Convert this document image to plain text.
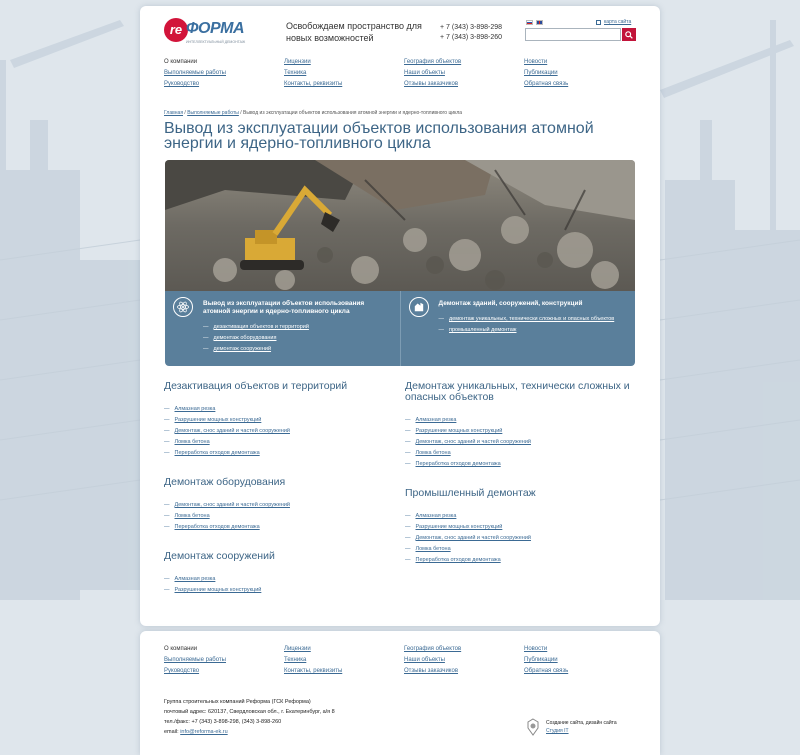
re ФОРМА
ИНТЕЛЛЕКТУАЛЬНЫЙ ДЕМОНТАЖ
Освобождаем пространство для новых возможностей
+ 7 (343) 3-898-298
+ 7 (343) 3-898-260
карта сайта
О компании
Выполняемые работы
Руководство
Лицензии
Техника
Контакты, реквизиты
География объектов
Наши объекты
Отзывы заказчиков
Новости
Публикации
Обратная связь
Главная / Выполняемые работы / Вывод из эксплуатации объектов использования атомной энергии и ядерно-топливного цикла
Вывод из эксплуатации объектов использования атомной энергии и ядерно-топливного цикла
Вывод из эксплуатации объектов использования атомной энергии и ядерно-топливного цикла
— дезактивация объектов и территорий
— демонтаж оборудования
— демонтаж сооружений
Демонтаж зданий, сооружений, конструкций
— демонтаж уникальных, технически сложных и опасных объектов
— промышленный демонтаж
Дезактивация объектов и территорий
— Алмазная резка
— Разрушение мощных конструкций
— Демонтаж, снос зданий и частей сооружений
— Ломка бетона
— Переработка отходов демонтажа
Демонтаж оборудования
— Демонтаж, снос зданий и частей сооружений
— Ломка бетона
— Переработка отходов демонтажа
Демонтаж сооружений
— Алмазная резка
— Разрушение мощных конструкций
Демонтаж уникальных, технически сложных и опасных объектов
— Алмазная резка
— Разрушение мощных конструкций
— Демонтаж, снос зданий и частей сооружений
— Ломка бетона
— Переработка отходов демонтажа
Промышленный демонтаж
— Алмазная резка
— Разрушение мощных конструкций
— Демонтаж, снос зданий и частей сооружений
— Ломка бетона
— Переработка отходов демонтажа
О компании
Выполняемые работы
Руководство
Лицензии
Техника
Контакты, реквизиты
География объектов
Наши объекты
Отзывы заказчиков
Новости
Публикации
Обратная связь
Группа строительных компаний Реформа (ГСК Реформа)
почтовый адрес: 620137, Свердловская обл., г. Екатеринбург, а/я 8
тел./факс: +7 (343) 3-898-298, (343) 3-898-260
email: info@reforma-ek.ru
Создание сайта, дизайн сайта
Студия IT
